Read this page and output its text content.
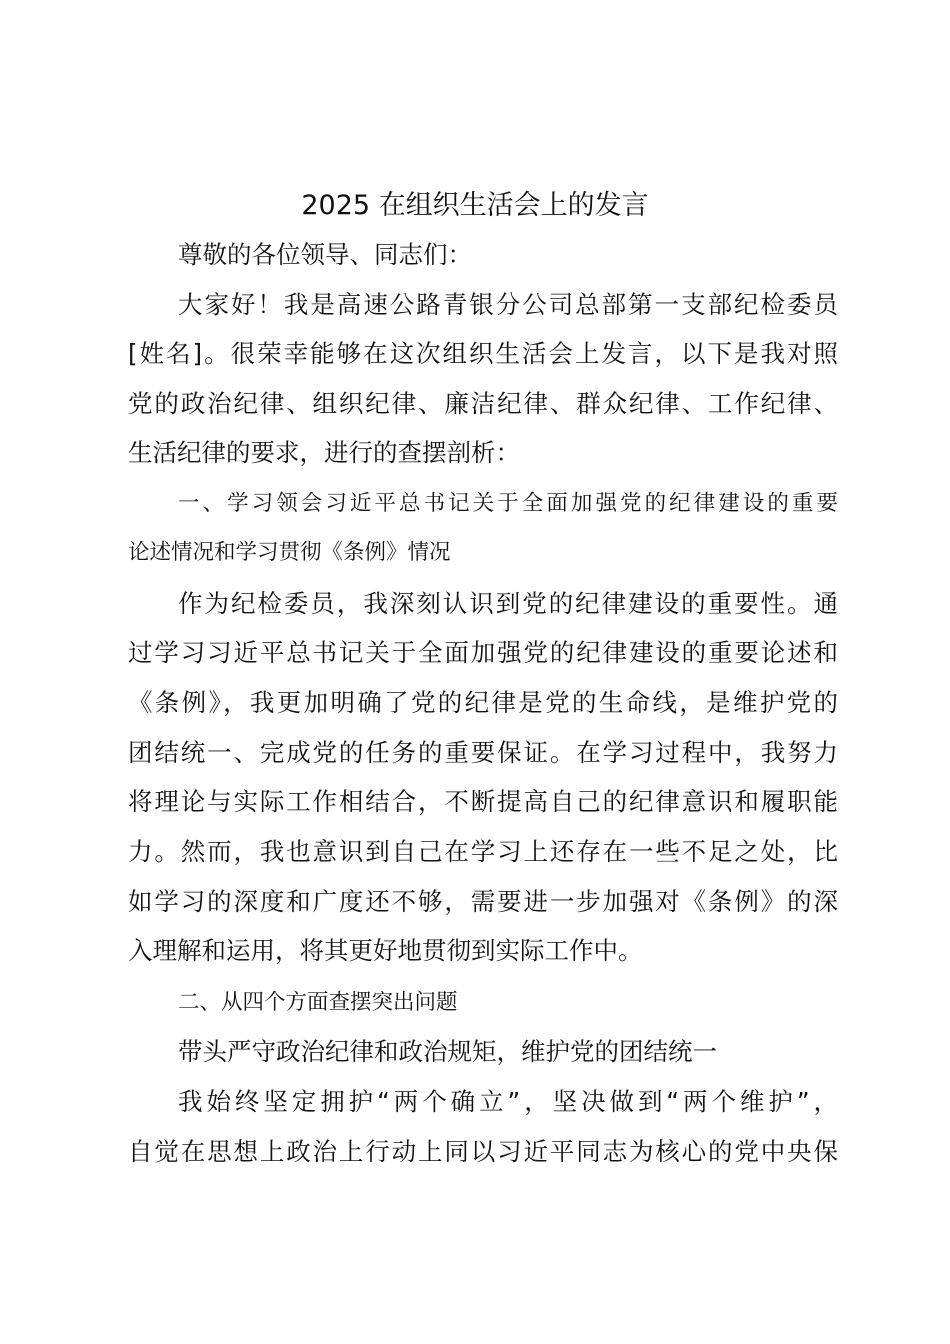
2025 在组织生活会上的发言
尊敬的各位领导、同志们：
大家好！我是高速公路青银分公司总部第一支部纪检委员
[姓名]。很荣幸能够在这次组织生活会上发言，以下是我对照
党的政治纪律、组织纪律、廉洁纪律、群众纪律、工作纪律、
生活纪律的要求，进行的查摆剖析：
一、学习领会习近平总书记关于全面加强党的纪律建设的重要
论述情况和学习贯彻《条例》情况
作为纪检委员，我深刻认识到党的纪律建设的重要性。通
过学习习近平总书记关于全面加强党的纪律建设的重要论述和
《条例》，我更加明确了党的纪律是党的生命线，是维护党的
团结统一、完成党的任务的重要保证。在学习过程中，我努力
将理论与实际工作相结合，不断提高自己的纪律意识和履职能
力。然而，我也意识到自己在学习上还存在一些不足之处，比
如学习的深度和广度还不够，需要进一步加强对《条例》的深
入理解和运用，将其更好地贯彻到实际工作中。
二、从四个方面查摆突出问题
带头严守政治纪律和政治规矩，维护党的团结统一
我始终坚定拥护“两个确立”，坚决做到“两个维护”，
自觉在思想上政治上行动上同以习近平同志为核心的党中央保
